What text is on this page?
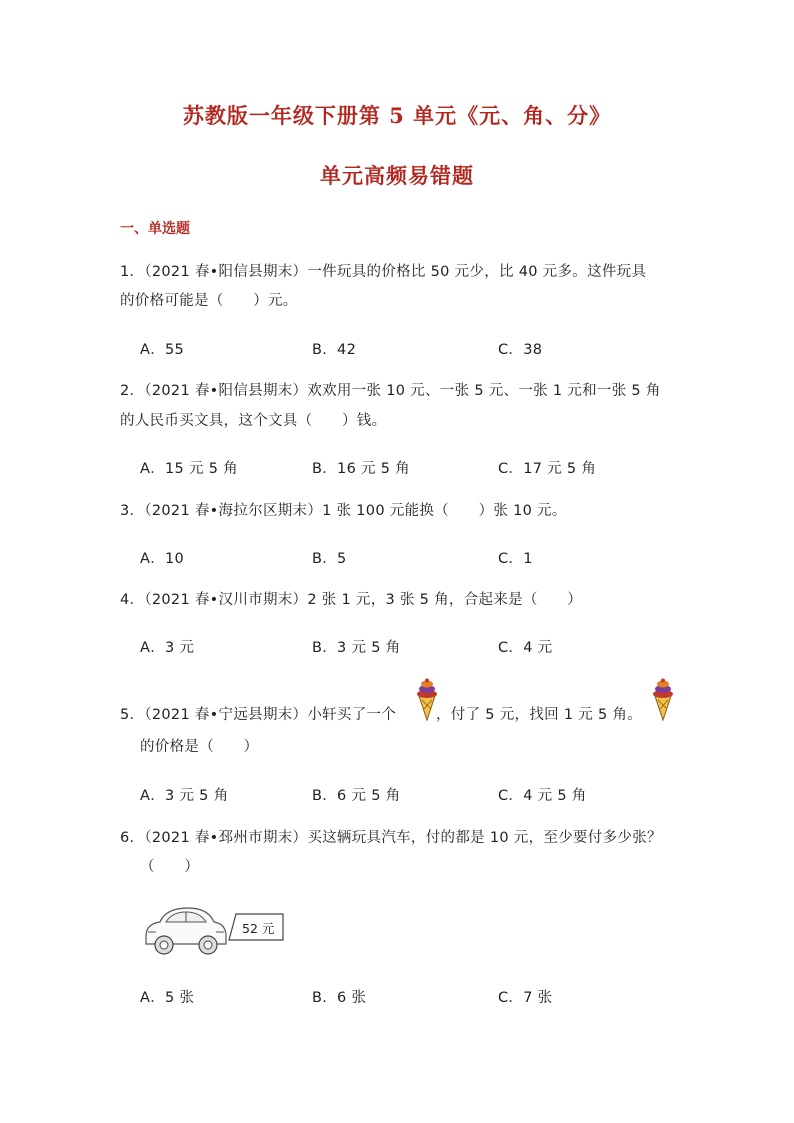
苏教版一年级下册第 5 单元《元、角、分》
单元高频易错题
一、单选题
1．（2021 春•阳信县期末）一件玩具的价格比 50 元少，比 40 元多。这件玩具
的价格可能是（　　）元。
A．55	B．42	C．38
2．（2021 春•阳信县期末）欢欢用一张 10 元、一张 5 元、一张 1 元和一张 5 角
的人民币买文具，这个文具（　　）钱。
A．15 元 5 角	B．16 元 5 角	C．17 元 5 角
3．（2021 春•海拉尔区期末）1 张 100 元能换（　　）张 10 元。
A．10	B．5	C．1
4．（2021 春•汉川市期末）2 张 1 元，3 张 5 角，合起来是（　　）
A．3 元	B．3 元 5 角	C．4 元
5．（2021 春•宁远县期末）小轩买了一个	，付了 5 元，找回 1 元 5 角。
的价格是（　　）
A．3 元 5 角	B．6 元 5 角	C．4 元 5 角
6．（2021 春•邳州市期末）买这辆玩具汽车，付的都是 10 元，至少要付多少张？
（　　）
52 元
A．5 张	B．6 张	C．7 张
